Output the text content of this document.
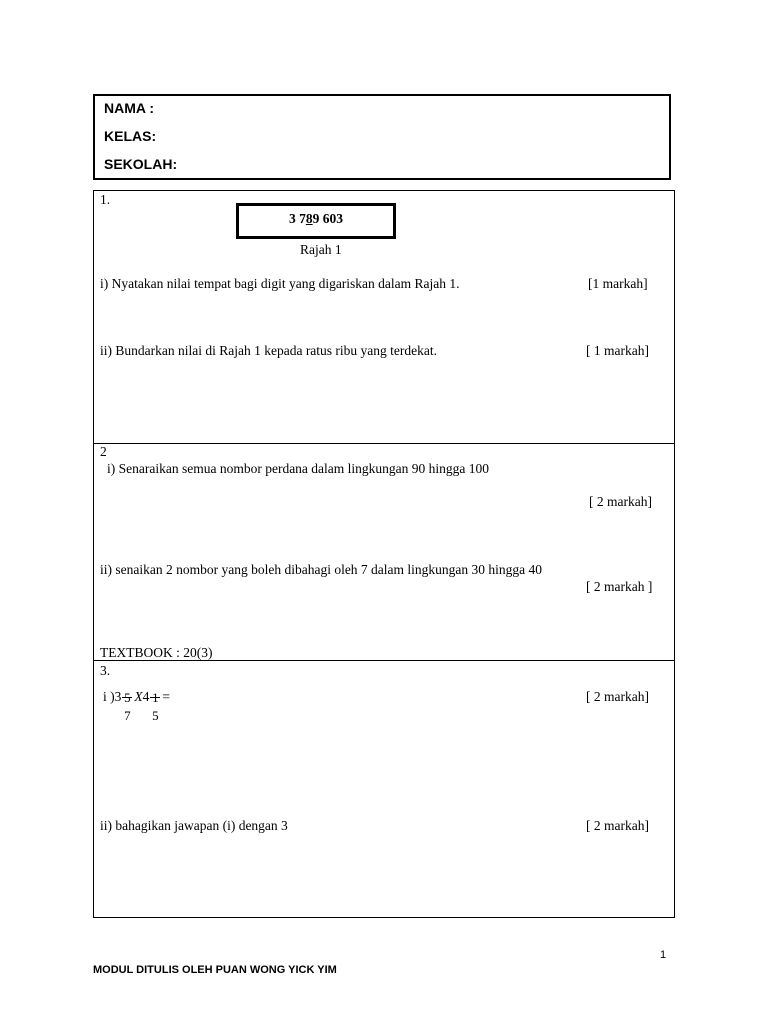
NAMA :
KELAS:
SEKOLAH:
1.
3 789 603
Rajah 1
i) Nyatakan nilai tempat bagi digit yang digariskan dalam Rajah 1.	[1 markah]
ii) Bundarkan nilai di Rajah 1 kepada ratus ribu yang terdekat.	[ 1 markah]
2
i) Senaraikan semua nombor perdana dalam lingkungan 90 hingga 100
[ 2 markah]
ii) senaikan 2 nombor yang boleh dibahagi oleh 7 dalam lingkungan 30 hingga 40
[ 2 markah ]
TEXTBOOK : 20(3)
3.
i )3 5
7
X4 1
5
=	[ 2 markah]
ii) bahagikan jawapan (i) dengan 3	[ 2 markah]
1
MODUL DITULIS OLEH PUAN WONG YICK YIM
